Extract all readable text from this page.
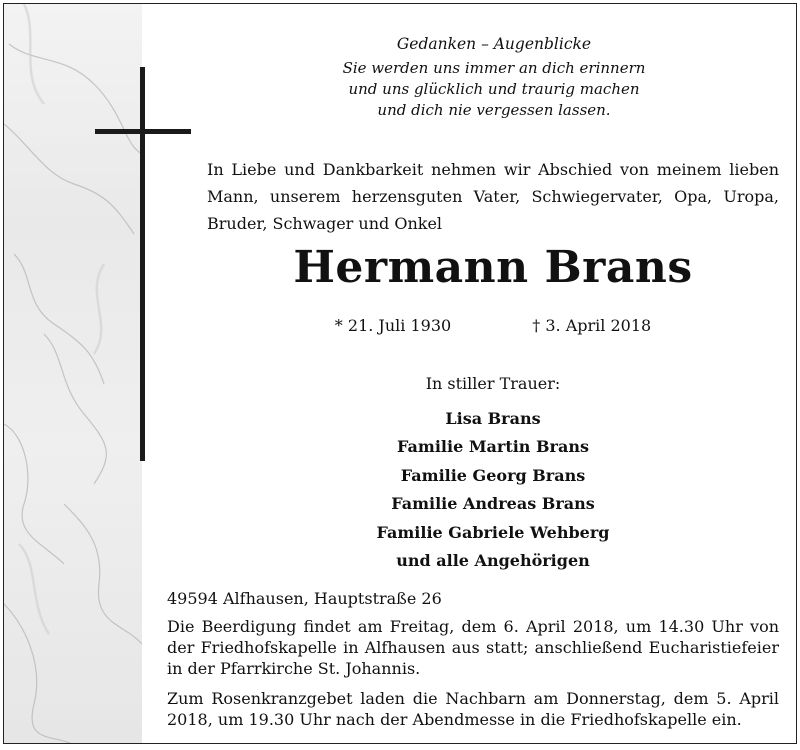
Gedanken – Augenblicke
Sie werden uns immer an dich erinnern
und uns glücklich und traurig machen
und dich nie vergessen lassen.
In Liebe und Dankbarkeit nehmen wir Abschied von meinem lieben Mann, unserem herzensguten Vater, Schwiegervater, Opa, Uropa, Bruder, Schwager und Onkel
Hermann Brans
* 21. Juli 1930	† 3. April 2018
In stiller Trauer:
Lisa Brans
Familie Martin Brans
Familie Georg Brans
Familie Andreas Brans
Familie Gabriele Wehberg
und alle Angehörigen
49594 Alfhausen, Hauptstraße 26
Die Beerdigung findet am Freitag, dem 6. April 2018, um 14.30 Uhr von der Friedhofskapelle in Alfhausen aus statt; anschließend Eucharistiefeier in der Pfarrkirche St. Johannis.
Zum Rosenkranzgebet laden die Nachbarn am Donnerstag, dem 5. April 2018, um 19.30 Uhr nach der Abendmesse in die Friedhofskapelle ein.
